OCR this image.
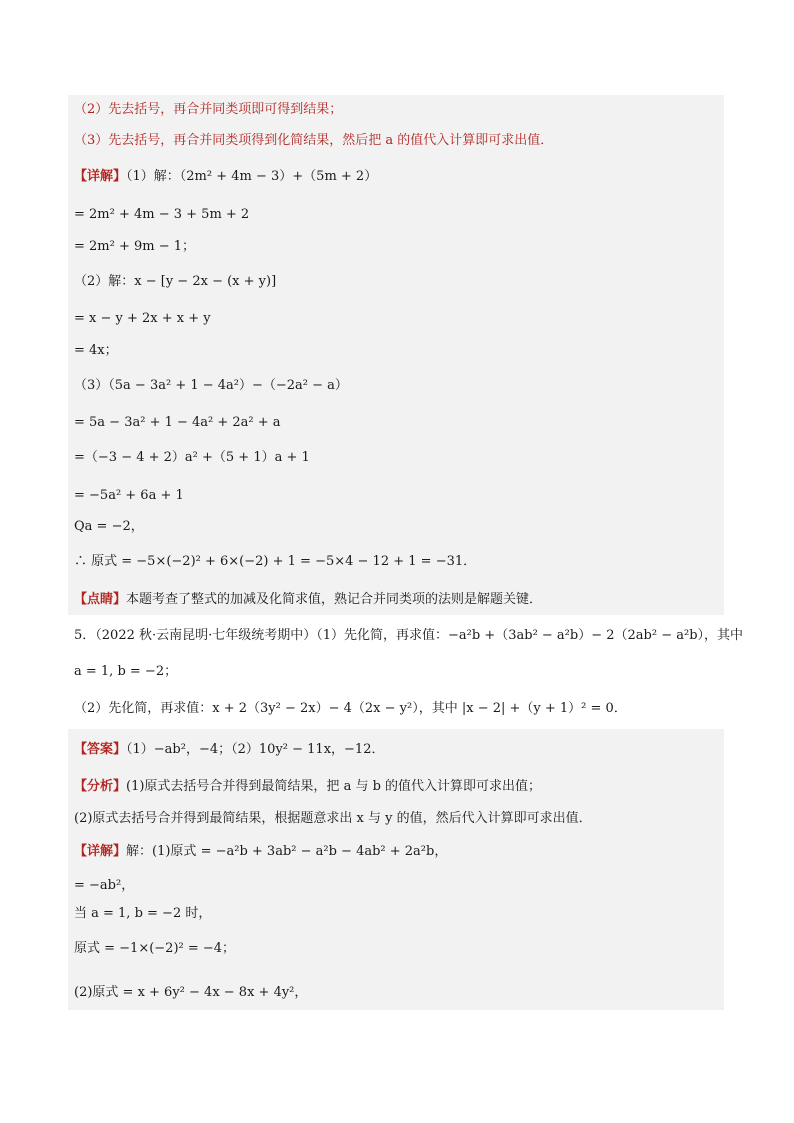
（2）先去括号，再合并同类项即可得到结果；
（3）先去括号，再合并同类项得到化简结果，然后把 a 的值代入计算即可求出值．
【详解】（1）解：（2m² + 4m − 3）+（5m + 2）
= 2m² + 4m − 3 + 5m + 2
= 2m² + 9m − 1；
（2）解：x − [y − 2x − (x + y)]
= x − y + 2x + x + y
= 4x；
（3）（5a − 3a² + 1 − 4a²）−（−2a² − a）
= 5a − 3a² + 1 − 4a² + 2a² + a
=（−3 − 4 + 2）a² +（5 + 1）a + 1
= −5a² + 6a + 1
Qa = −2，
∴ 原式 = −5×(−2)² + 6×(−2) + 1 = −5×4 − 12 + 1 = −31．
【点睛】本题考查了整式的加减及化简求值，熟记合并同类项的法则是解题关键．
5．（2022 秋·云南昆明·七年级统考期中）（1）先化简，再求值：−a²b +（3ab² − a²b）− 2（2ab² − a²b），其中
a = 1, b = −2；
（2）先化简，再求值：x + 2（3y² − 2x）− 4（2x − y²），其中 |x − 2| +（y + 1）² = 0．
【答案】（1）−ab²，−4；（2）10y² − 11x，−12．
【分析】(1)原式去括号合并得到最简结果，把 a 与 b 的值代入计算即可求出值；
(2)原式去括号合并得到最简结果，根据题意求出 x 与 y 的值，然后代入计算即可求出值．
【详解】解：(1)原式 = −a²b + 3ab² − a²b − 4ab² + 2a²b，
= −ab²，
当 a = 1, b = −2 时，
原式 = −1×(−2)² = −4；
(2)原式 = x + 6y² − 4x − 8x + 4y²，
